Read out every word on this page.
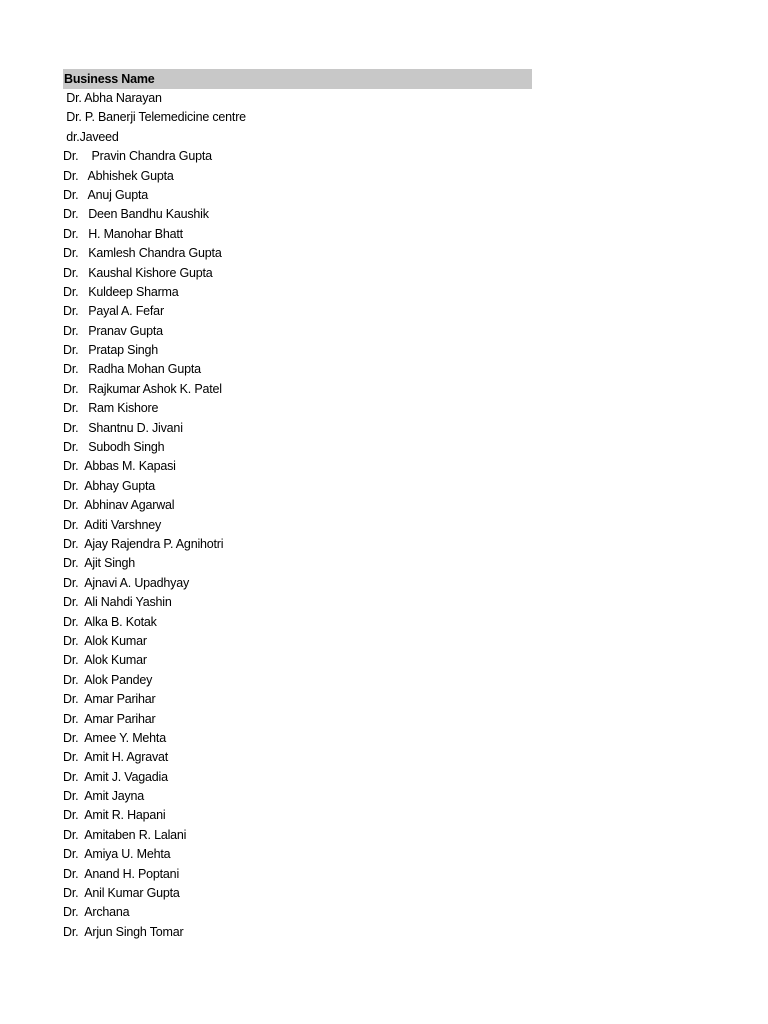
Business Name
Dr. Abha Narayan
Dr. P. Banerji Telemedicine centre
dr.Javeed
Dr.    Pravin Chandra Gupta
Dr.   Abhishek Gupta
Dr.   Anuj Gupta
Dr.   Deen Bandhu Kaushik
Dr.   H. Manohar Bhatt
Dr.   Kamlesh Chandra Gupta
Dr.   Kaushal Kishore Gupta
Dr.   Kuldeep Sharma
Dr.   Payal A. Fefar
Dr.   Pranav Gupta
Dr.   Pratap Singh
Dr.   Radha Mohan Gupta
Dr.   Rajkumar Ashok K. Patel
Dr.   Ram Kishore
Dr.   Shantnu D. Jivani
Dr.   Subodh Singh
Dr.  Abbas M. Kapasi
Dr.  Abhay Gupta
Dr.  Abhinav Agarwal
Dr.  Aditi Varshney
Dr.  Ajay Rajendra P. Agnihotri
Dr.  Ajit Singh
Dr.  Ajnavi A. Upadhyay
Dr.  Ali Nahdi Yashin
Dr.  Alka B. Kotak
Dr.  Alok Kumar
Dr.  Alok Kumar
Dr.  Alok Pandey
Dr.  Amar Parihar
Dr.  Amar Parihar
Dr.  Amee Y. Mehta
Dr.  Amit H. Agravat
Dr.  Amit J. Vagadia
Dr.  Amit Jayna
Dr.  Amit R. Hapani
Dr.  Amitaben R. Lalani
Dr.  Amiya U. Mehta
Dr.  Anand H. Poptani
Dr.  Anil Kumar Gupta
Dr.  Archana
Dr.  Arjun Singh Tomar
